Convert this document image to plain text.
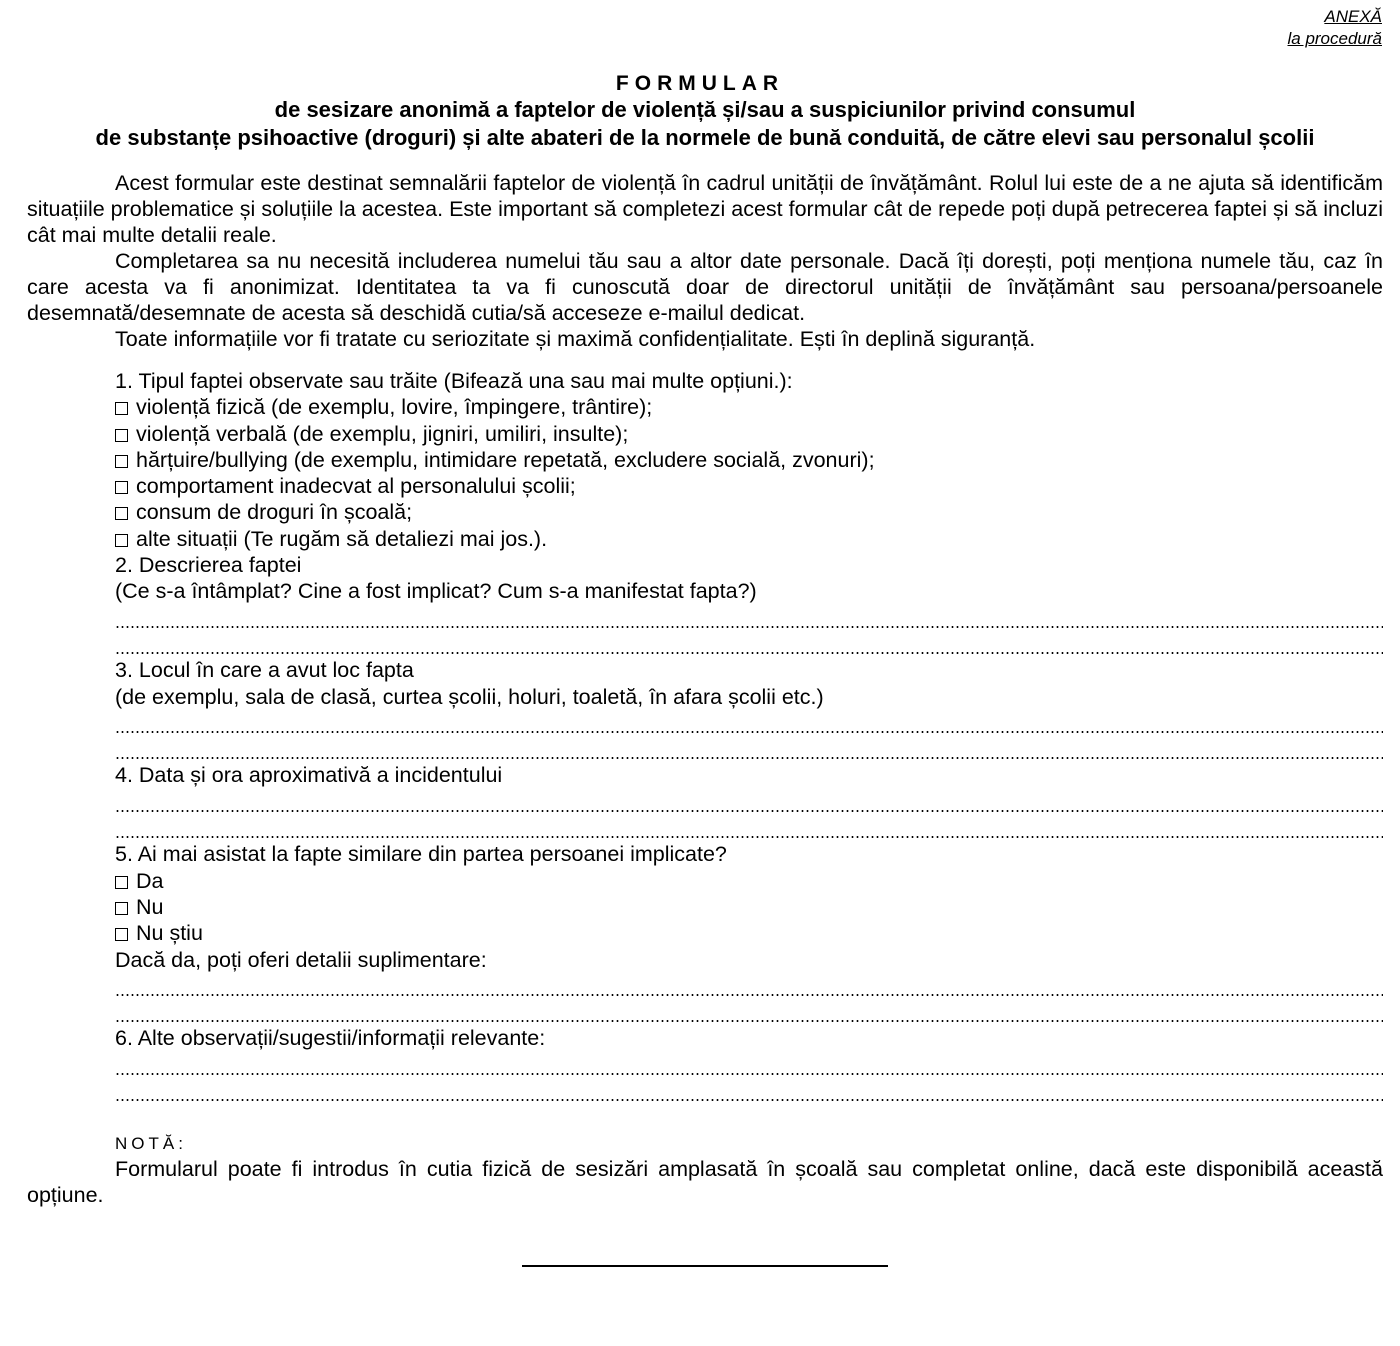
ANEXĂ
la procedură
FORMULAR
de sesizare anonimă a faptelor de violență și/sau a suspiciunilor privind consumul
de substanțe psihoactive (droguri) și alte abateri de la normele de bună conduită, de către elevi sau personalul școlii

Acest formular este destinat semnalării faptelor de violență în cadrul unității de învățământ. Rolul lui este de a ne ajuta să identificăm situațiile problematice și soluțiile la acestea. Este important să completezi acest formular cât de repede poți după petrecerea faptei și să incluzi cât mai multe detalii reale.

Completarea sa nu necesită includerea numelui tău sau a altor date personale. Dacă îți dorești, poți menționa numele tău, caz în care acesta va fi anonimizat. Identitatea ta va fi cunoscută doar de directorul unității de învățământ sau persoana/persoanele desemnată/desemnate de acesta să deschidă cutia/să acceseze e-mailul dedicat.

Toate informațiile vor fi tratate cu seriozitate și maximă confidențialitate. Ești în deplină siguranță.

1. Tipul faptei observate sau trăite (Bifează una sau mai multe opțiuni.):
violență fizică (de exemplu, lovire, împingere, trântire);
violență verbală (de exemplu, jigniri, umiliri, insulte);
hărțuire/bullying (de exemplu, intimidare repetată, excludere socială, zvonuri);
comportament inadecvat al personalului școlii;
consum de droguri în școală;
alte situații (Te rugăm să detaliezi mai jos.).
2. Descrierea faptei
(Ce s-a întâmplat? Cine a fost implicat? Cum s-a manifestat fapta?)
3. Locul în care a avut loc fapta
(de exemplu, sala de clasă, curtea școlii, holuri, toaletă, în afara școlii etc.)
4. Data și ora aproximativă a incidentului
5. Ai mai asistat la fapte similare din partea persoanei implicate?
Da
Nu
Nu știu
Dacă da, poți oferi detalii suplimentare:
6. Alte observații/sugestii/informații relevante:
NOTĂ:
Formularul poate fi introdus în cutia fizică de sesizări amplasată în școală sau completat online, dacă este disponibilă această opțiune.
